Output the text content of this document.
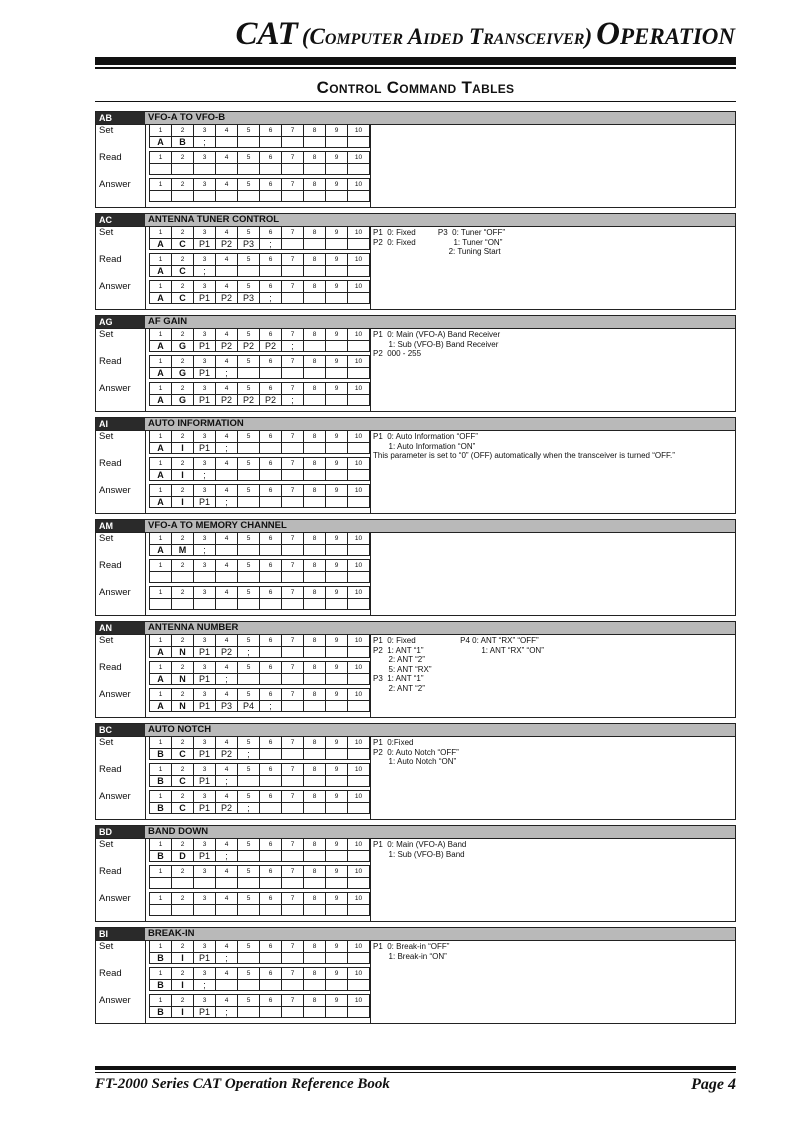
CAT (Computer Aided Transceiver) Operation
Control Command Tables
AB	VFO-A TO VFO-B
Set	1	2	3	4	5	6	7	8	9	10
A	B	;
Read	1	2	3	4	5	6	7	8	9	10
Answer	1	2	3	4	5	6	7	8	9	10
AC	ANTENNA TUNER CONTROL
Set	1	2	3	4	5	6	7	8	9	10
A	C	P1	P2	P3	;
Read	1	2	3	4	5	6	7	8	9	10
A	C	;
Answer	1	2	3	4	5	6	7	8	9	10
A	C	P1	P2	P3	;
P1  0: Fixed          P3  0: Tuner “OFF”
P2  0: Fixed                 1: Tuner “ON”
2: Tuning Start
AG	AF GAIN
Set	1	2	3	4	5	6	7	8	9	10
A	G	P1	P2	P2	P2	;
Read	1	2	3	4	5	6	7	8	9	10
A	G	P1	;
Answer	1	2	3	4	5	6	7	8	9	10
A	G	P1	P2	P2	P2	;
P1  0: Main (VFO-A) Band Receiver
1: Sub (VFO-B) Band Receiver
P2  000 - 255
AI	AUTO INFORMATION
Set	1	2	3	4	5	6	7	8	9	10
A	I	P1	;
Read	1	2	3	4	5	6	7	8	9	10
A	I	;
Answer	1	2	3	4	5	6	7	8	9	10
A	I	P1	;
P1  0: Auto Information “OFF”
1: Auto Information “ON”
This parameter is set to “0” (OFF) automatically when the transceiver is turned “OFF.”
AM	VFO-A TO MEMORY CHANNEL
Set	1	2	3	4	5	6	7	8	9	10
A	M	;
Read	1	2	3	4	5	6	7	8	9	10
Answer	1	2	3	4	5	6	7	8	9	10
AN	ANTENNA NUMBER
Set	1	2	3	4	5	6	7	8	9	10
A	N	P1	P2	;
Read	1	2	3	4	5	6	7	8	9	10
A	N	P1	;
Answer	1	2	3	4	5	6	7	8	9	10
A	N	P1	P3	P4	;
P1  0: Fixed                    P4 0: ANT “RX” “OFF”
P2  1: ANT “1”                          1: ANT “RX” “ON”
2: ANT “2”
5: ANT “RX”
P3  1: ANT “1”
2: ANT “2”
BC	AUTO NOTCH
Set	1	2	3	4	5	6	7	8	9	10
B	C	P1	P2	;
Read	1	2	3	4	5	6	7	8	9	10
B	C	P1	;
Answer	1	2	3	4	5	6	7	8	9	10
B	C	P1	P2	;
P1  0:Fixed
P2  0: Auto Notch “OFF”
1: Auto Notch “ON”
BD	BAND DOWN
Set	1	2	3	4	5	6	7	8	9	10
B	D	P1	;
Read	1	2	3	4	5	6	7	8	9	10
Answer	1	2	3	4	5	6	7	8	9	10
P1  0: Main (VFO-A) Band
1: Sub (VFO-B) Band
BI	BREAK-IN
Set	1	2	3	4	5	6	7	8	9	10
B	I	P1	;
Read	1	2	3	4	5	6	7	8	9	10
B	I	;
Answer	1	2	3	4	5	6	7	8	9	10
B	I	P1	;
P1  0: Break-in “OFF”
1: Break-in “ON”
FT-2000 Series CAT Operation Reference Book	Page 4
